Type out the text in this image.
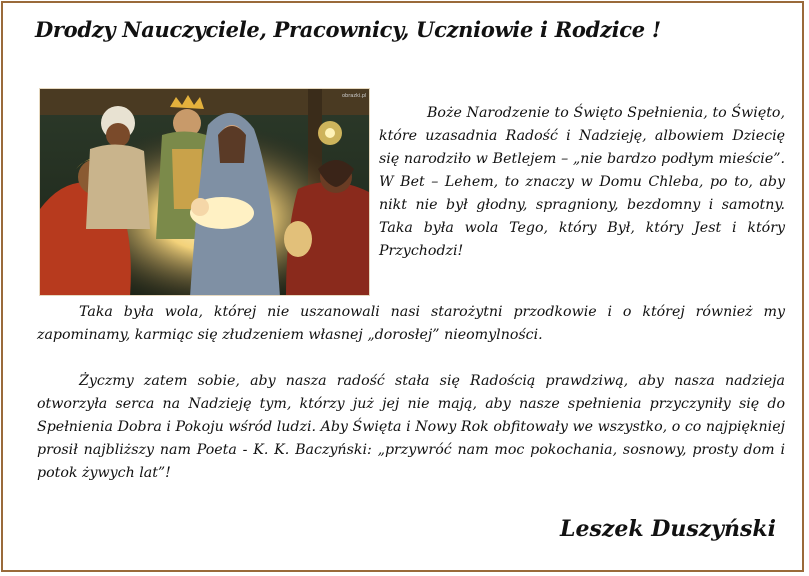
Drodzy Nauczyciele, Pracownicy, Uczniowie i Rodzice !
obrazki.pl
Boże Narodzenie to Święto Spełnienia, to Święto, które uzasadnia Radość i Nadzieję, albowiem Dziecię się narodziło w Betlejem – „nie bardzo podłym mieście”. W Bet – Lehem, to znaczy w Domu Chleba, po to, aby nikt nie był głodny, spragniony, bezdomny i samotny. Taka była wola Tego, który Był, który Jest i który Przychodzi!
Taka była wola, której nie uszanowali nasi starożytni przodkowie i o której również my zapominamy, karmiąc się złudzeniem własnej „dorosłej” nieomylności.
Życzmy zatem sobie, aby nasza radość stała się Radością prawdziwą, aby nasza nadzieja otworzyła serca na Nadzieję tym, którzy już jej nie mają, aby nasze spełnienia przyczyniły się do Spełnienia Dobra i Pokoju wśród ludzi. Aby Święta i Nowy Rok obfitowały we wszystko, o co najpiękniej prosił najbliższy nam Poeta - K. K. Baczyński: „przywróć nam moc pokochania, sosnowy, prosty dom i potok żywych lat”!
Leszek Duszyński
